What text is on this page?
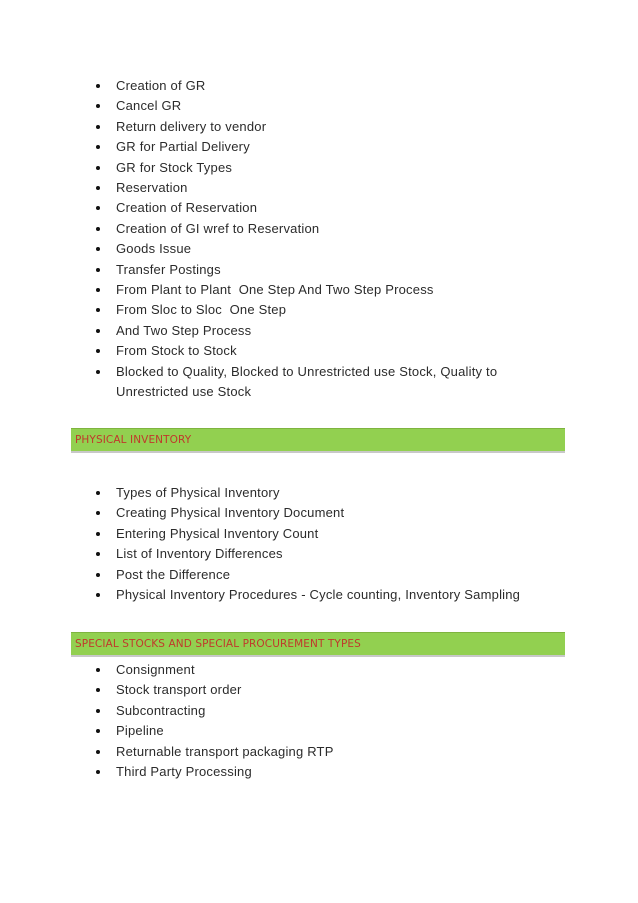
Creation of GR
Cancel GR
Return delivery to vendor
GR for Partial Delivery
GR for Stock Types
Reservation
Creation of Reservation
Creation of GI wref to Reservation
Goods Issue
Transfer Postings
From Plant to Plant  One Step And Two Step Process
From Sloc to Sloc  One Step
And Two Step Process
From Stock to Stock
Blocked to Quality, Blocked to Unrestricted use Stock, Quality to Unrestricted use Stock
PHYSICAL INVENTORY
Types of Physical Inventory
Creating Physical Inventory Document
Entering Physical Inventory Count
List of Inventory Differences
Post the Difference
Physical Inventory Procedures - Cycle counting, Inventory Sampling
SPECIAL STOCKS AND SPECIAL PROCUREMENT TYPES
Consignment
Stock transport order
Subcontracting
Pipeline
Returnable transport packaging RTP
Third Party Processing
